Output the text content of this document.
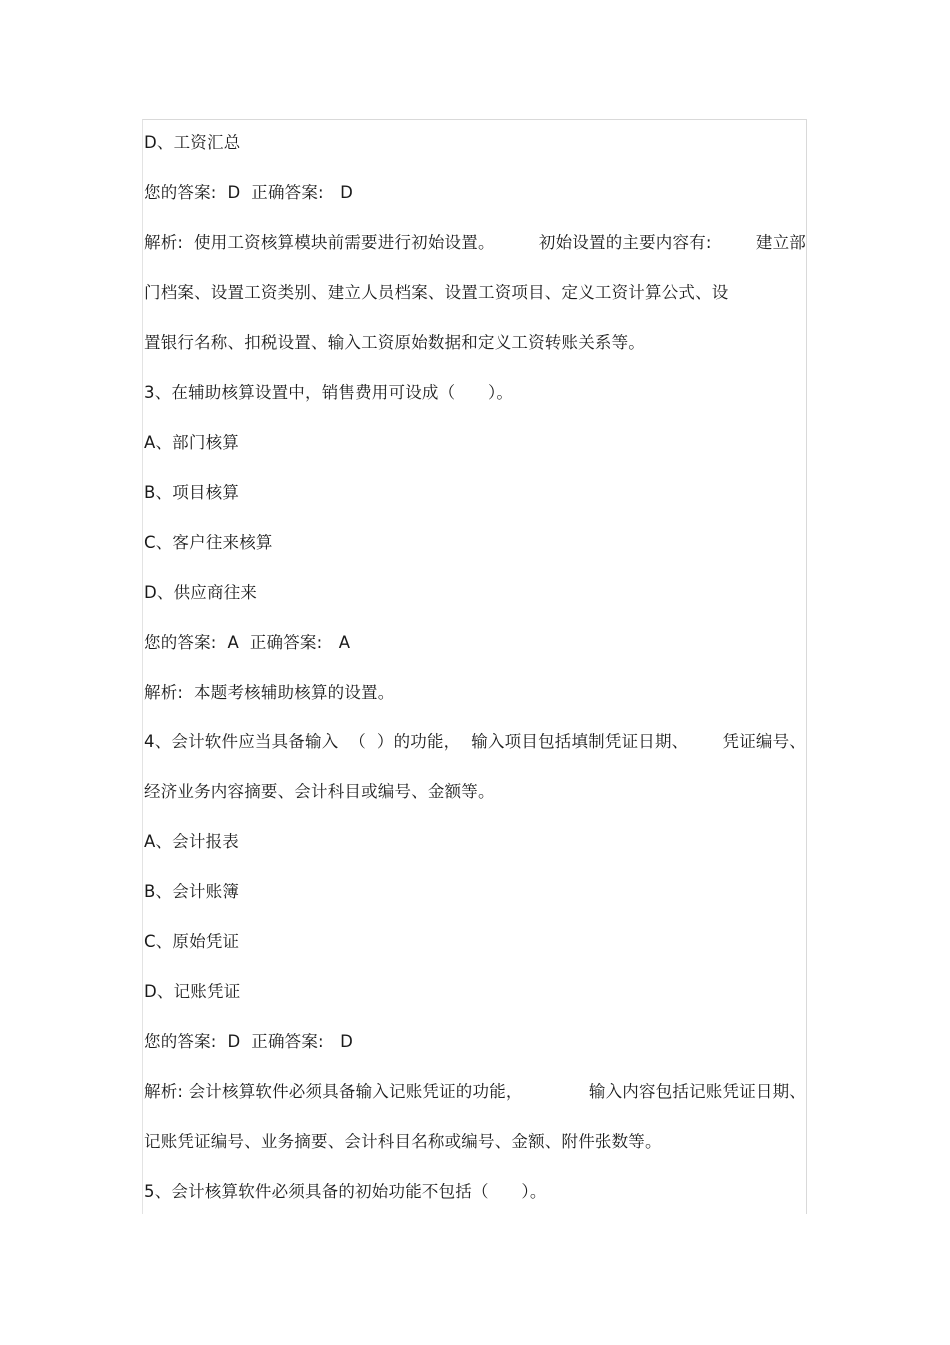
D、工资汇总
您的答案:  D  正确答案:   D
解析:  使用工资核算模块前需要进行初始设置。	初始设置的主要内容有:	建立部
门档案、设置工资类别、建立人员档案、设置工资项目、定义工资计算公式、设
置银行名称、扣税设置、输入工资原始数据和定义工资转账关系等。
3、在辅助核算设置中，销售费用可设成（      ）。
A、部门核算
B、项目核算
C、客户往来核算
D、供应商往来
您的答案:  A  正确答案:   A
解析:  本题考核辅助核算的设置。
4、会计软件应当具备输入  （  ）的功能，  输入项目包括填制凭证日期、 凭证编号、
经济业务内容摘要、会计科目或编号、金额等。
A、会计报表
B、会计账簿
C、原始凭证
D、记账凭证
您的答案:  D  正确答案:   D
解析: 会计核算软件必须具备输入记账凭证的功能，	输入内容包括记账凭证日期、
记账凭证编号、业务摘要、会计科目名称或编号、金额、附件张数等。
5、会计核算软件必须具备的初始功能不包括（      ）。
